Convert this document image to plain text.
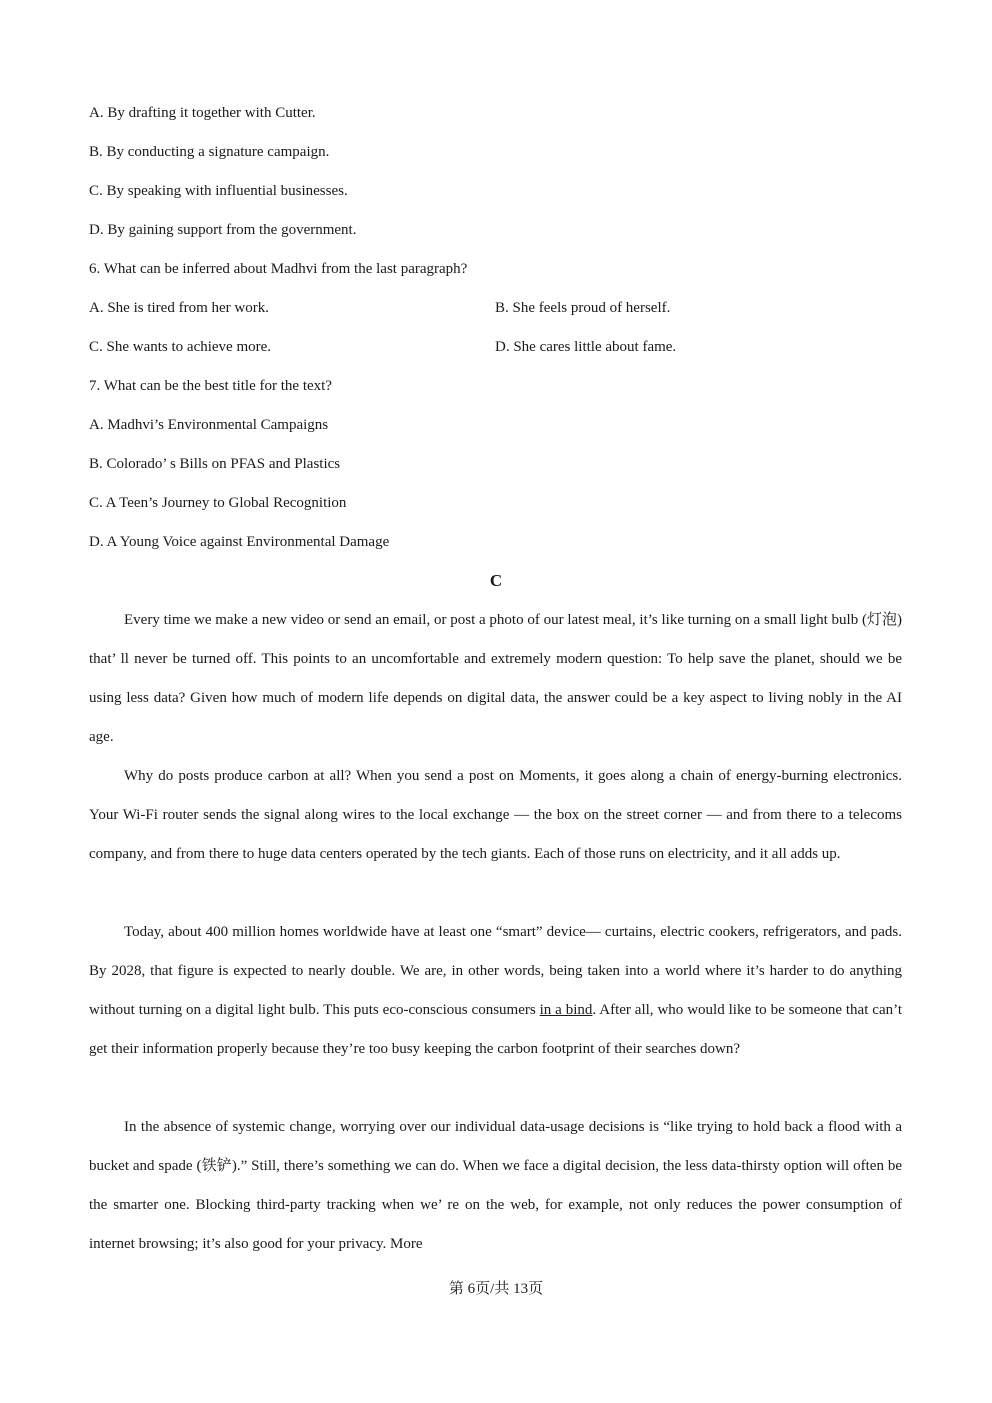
A. By drafting it together with Cutter.
B. By conducting a signature campaign.
C. By speaking with influential businesses.
D. By gaining support from the government.
6. What can be inferred about Madhvi from the last paragraph?
A. She is tired from her work.	B. She feels proud of herself.
C. She wants to achieve more.	D. She cares little about fame.
7. What can be the best title for the text?
A. Madhvi’s Environmental Campaigns
B. Colorado’ s Bills on PFAS and Plastics
C. A Teen’s Journey to Global Recognition
D. A Young Voice against Environmental Damage
C

Every time we make a new video or send an email, or post a photo of our latest meal, it’s like turning on a small light bulb (灯泡) that’ ll never be turned off. This points to an uncomfortable and extremely modern question: To help save the planet, should we be using less data? Given how much of modern life depends on digital data, the answer could be a key aspect to living nobly in the AI age.

Why do posts produce carbon at all? When you send a post on Moments, it goes along a chain of energy-burning electronics. Your Wi-Fi router sends the signal along wires to the local exchange — the box on the street corner — and from there to a telecoms company, and from there to huge data centers operated by the tech giants. Each of those runs on electricity, and it all adds up.

Today, about 400 million homes worldwide have at least one “smart” device— curtains, electric cookers, refrigerators, and pads. By 2028, that figure is expected to nearly double. We are, in other words, being taken into a world where it’s harder to do anything without turning on a digital light bulb. This puts eco-conscious consumers in a bind. After all, who would like to be someone that can’t get their information properly because they’re too busy keeping the carbon footprint of their searches down?

In the absence of systemic change, worrying over our individual data-usage decisions is “like trying to hold back a flood with a bucket and spade (铁铲).” Still, there’s something we can do. When we face a digital decision, the less data-thirsty option will often be the smarter one. Blocking third-party tracking when we’ re on the web, for example, not only reduces the power consumption of internet browsing; it’s also good for your privacy. More

第 6页/共 13页
